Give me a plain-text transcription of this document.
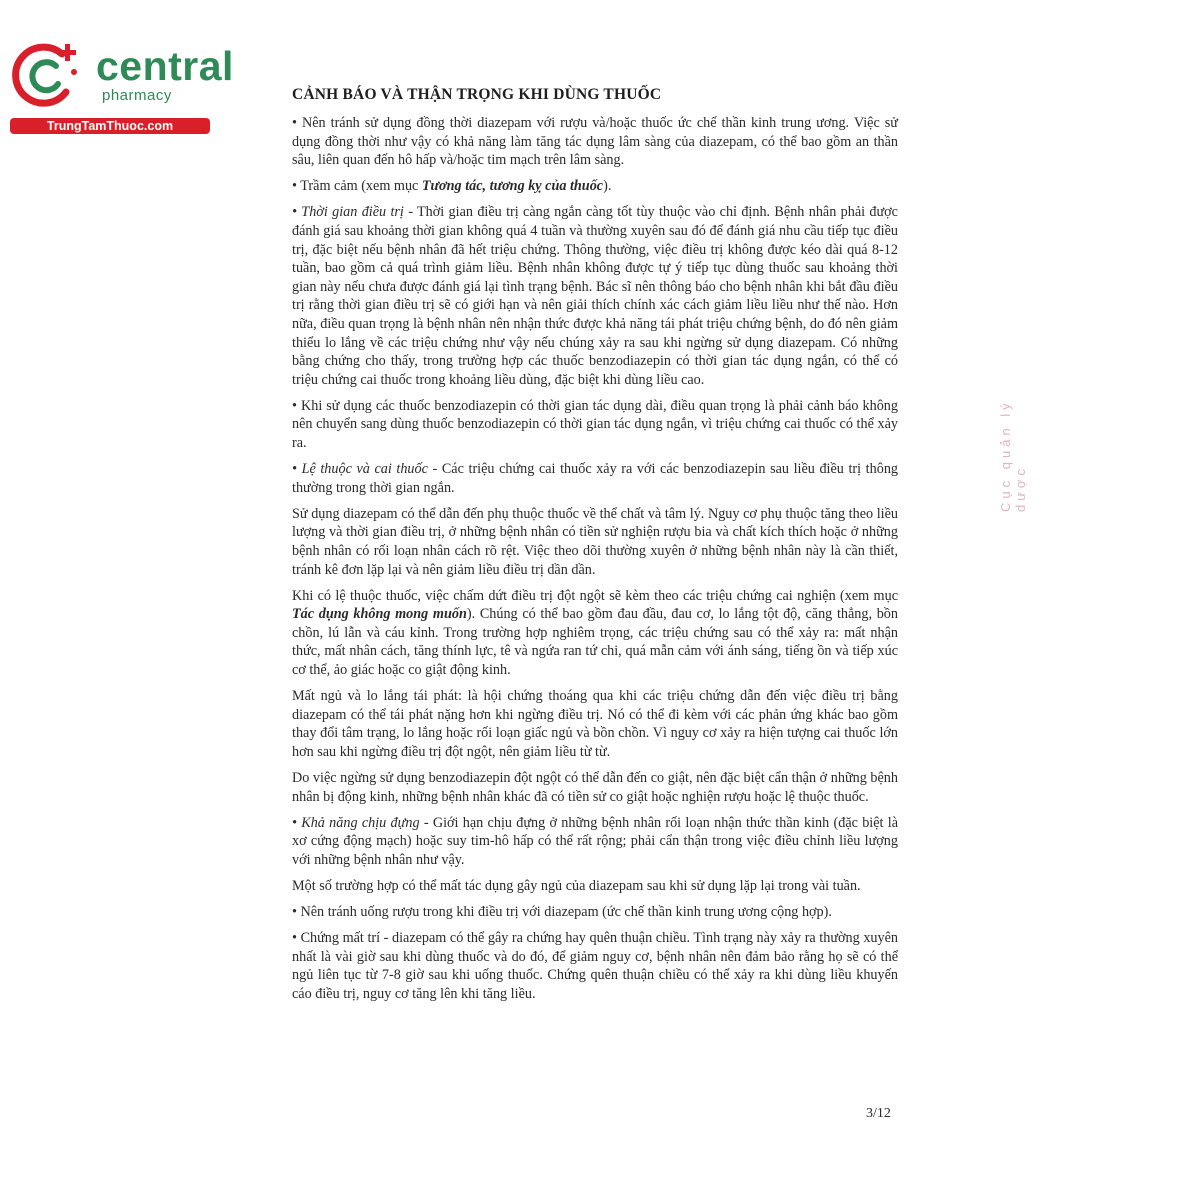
central
pharmacy
TrungTamThuoc.com
CẢNH BÁO VÀ THẬN TRỌNG KHI DÙNG THUỐC

• Nên tránh sử dụng đồng thời diazepam với rượu và/hoặc thuốc ức chế thần kinh trung ương. Việc sử dụng đồng thời như vậy có khả năng làm tăng tác dụng lâm sàng của diazepam, có thể bao gồm an thần sâu, liên quan đến hô hấp và/hoặc tim mạch trên lâm sàng.

• Trầm cảm (xem mục Tương tác, tương kỵ của thuốc).

• Thời gian điều trị - Thời gian điều trị càng ngắn càng tốt tùy thuộc vào chỉ định. Bệnh nhân phải được đánh giá sau khoảng thời gian không quá 4 tuần và thường xuyên sau đó để đánh giá nhu cầu tiếp tục điều trị, đặc biệt nếu bệnh nhân đã hết triệu chứng. Thông thường, việc điều trị không được kéo dài quá 8-12 tuần, bao gồm cả quá trình giảm liều. Bệnh nhân không được tự ý tiếp tục dùng thuốc sau khoảng thời gian này nếu chưa được đánh giá lại tình trạng bệnh. Bác sĩ nên thông báo cho bệnh nhân khi bắt đầu điều trị rằng thời gian điều trị sẽ có giới hạn và nên giải thích chính xác cách giảm liều liều như thế nào. Hơn nữa, điều quan trọng là bệnh nhân nên nhận thức được khả năng tái phát triệu chứng bệnh, do đó nên giảm thiểu lo lắng về các triệu chứng như vậy nếu chúng xảy ra sau khi ngừng sử dụng diazepam. Có những bằng chứng cho thấy, trong trường hợp các thuốc benzodiazepin có thời gian tác dụng ngắn, có thể có triệu chứng cai thuốc trong khoảng liều dùng, đặc biệt khi dùng liều cao.

• Khi sử dụng các thuốc benzodiazepin có thời gian tác dụng dài, điều quan trọng là phải cảnh báo không nên chuyển sang dùng thuốc benzodiazepin có thời gian tác dụng ngắn, vì triệu chứng cai thuốc có thể xảy ra.

• Lệ thuộc và cai thuốc - Các triệu chứng cai thuốc xảy ra với các benzodiazepin sau liều điều trị thông thường trong thời gian ngắn.

Sử dụng diazepam có thể dẫn đến phụ thuộc thuốc về thể chất và tâm lý. Nguy cơ phụ thuộc tăng theo liều lượng và thời gian điều trị, ở những bệnh nhân có tiền sử nghiện rượu bia và chất kích thích hoặc ở những bệnh nhân có rối loạn nhân cách rõ rệt. Việc theo dõi thường xuyên ở những bệnh nhân này là cần thiết, tránh kê đơn lặp lại và nên giảm liều điều trị dần dần.

Khi có lệ thuộc thuốc, việc chấm dứt điều trị đột ngột sẽ kèm theo các triệu chứng cai nghiện (xem mục Tác dụng không mong muốn). Chúng có thể bao gồm đau đầu, đau cơ, lo lắng tột độ, căng thẳng, bồn chồn, lú lẫn và cáu kỉnh. Trong trường hợp nghiêm trọng, các triệu chứng sau có thể xảy ra: mất nhận thức, mất nhân cách, tăng thính lực, tê và ngứa ran tứ chi, quá mẫn cảm với ánh sáng, tiếng ồn và tiếp xúc cơ thể, ảo giác hoặc co giật động kinh.

Mất ngủ và lo lắng tái phát: là hội chứng thoáng qua khi các triệu chứng dẫn đến việc điều trị bằng diazepam có thể tái phát nặng hơn khi ngừng điều trị. Nó có thể đi kèm với các phản ứng khác bao gồm thay đổi tâm trạng, lo lắng hoặc rối loạn giấc ngủ và bồn chồn. Vì nguy cơ xảy ra hiện tượng cai thuốc lớn hơn sau khi ngừng điều trị đột ngột, nên giảm liều từ từ.

Do việc ngừng sử dụng benzodiazepin đột ngột có thể dẫn đến co giật, nên đặc biệt cẩn thận ở những bệnh nhân bị động kinh, những bệnh nhân khác đã có tiền sử co giật hoặc nghiện rượu hoặc lệ thuộc thuốc.

• Khả năng chịu đựng - Giới hạn chịu đựng ở những bệnh nhân rối loạn nhận thức thần kinh (đặc biệt là xơ cứng động mạch) hoặc suy tim-hô hấp có thể rất rộng; phải cẩn thận trong việc điều chỉnh liều lượng với những bệnh nhân như vậy.

Một số trường hợp có thể mất tác dụng gây ngủ của diazepam sau khi sử dụng lặp lại trong vài tuần.

• Nên tránh uống rượu trong khi điều trị với diazepam (ức chế thần kinh trung ương cộng hợp).

• Chứng mất trí - diazepam có thể gây ra chứng hay quên thuận chiều. Tình trạng này xảy ra thường xuyên nhất là vài giờ sau khi dùng thuốc và do đó, để giảm nguy cơ, bệnh nhân nên đảm bảo rằng họ sẽ có thể ngủ liên tục từ 7-8 giờ sau khi uống thuốc. Chứng quên thuận chiều có thể xảy ra khi dùng liều khuyến cáo điều trị, nguy cơ tăng lên khi tăng liều.

3/12
Cục quản lý dược
